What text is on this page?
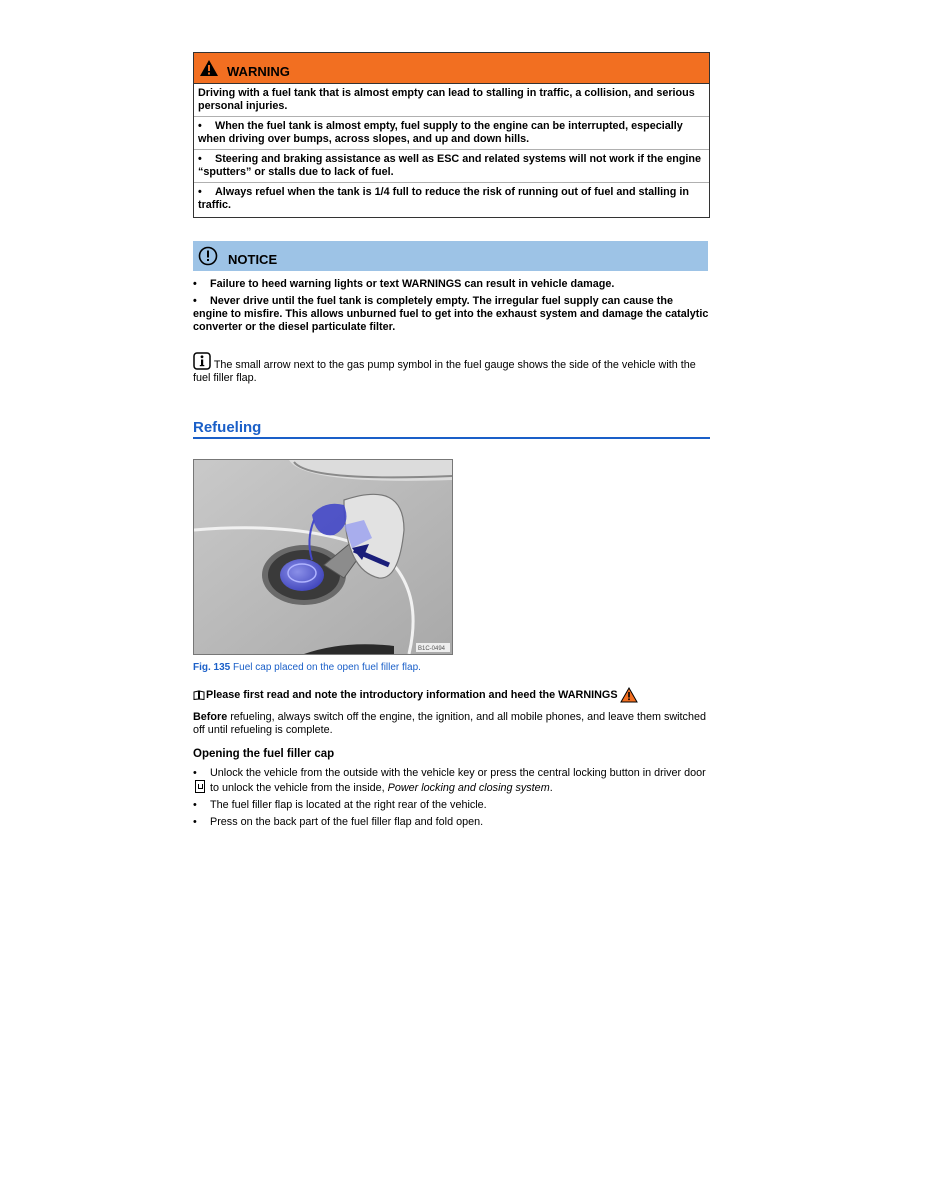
WARNING

Driving with a fuel tank that is almost empty can lead to stalling in traffic, a collision, and serious personal injuries.

• When the fuel tank is almost empty, fuel supply to the engine can be interrupted, especially when driving over bumps, across slopes, and up and down hills.

• Steering and braking assistance as well as ESC and related systems will not work if the engine “sputters” or stalls due to lack of fuel.

• Always refuel when the tank is 1/4 full to reduce the risk of running out of fuel and stalling in traffic.

NOTICE

• Failure to heed warning lights or text WARNINGS can result in vehicle damage.

• Never drive until the fuel tank is completely empty. The irregular fuel supply can cause the engine to misfire. This allows unburned fuel to get into the exhaust system and damage the catalytic converter or the diesel particulate filter.

The small arrow next to the gas pump symbol in the fuel gauge shows the side of the vehicle with the fuel filler flap.
Refueling
B1C-0494
Fig. 135 Fuel cap placed on the open fuel filler flap.
Please first read and note the introductory information and heed the WARNINGS
Before refueling, always switch off the engine, the ignition, and all mobile phones, and leave them switched off until refueling is complete.
Opening the fuel filler cap

• Unlock the vehicle from the outside with the vehicle key or press the central locking button in driver door  to unlock the vehicle from the inside, Power locking and closing system.

• The fuel filler flap is located at the right rear of the vehicle.

• Press on the back part of the fuel filler flap and fold open.
